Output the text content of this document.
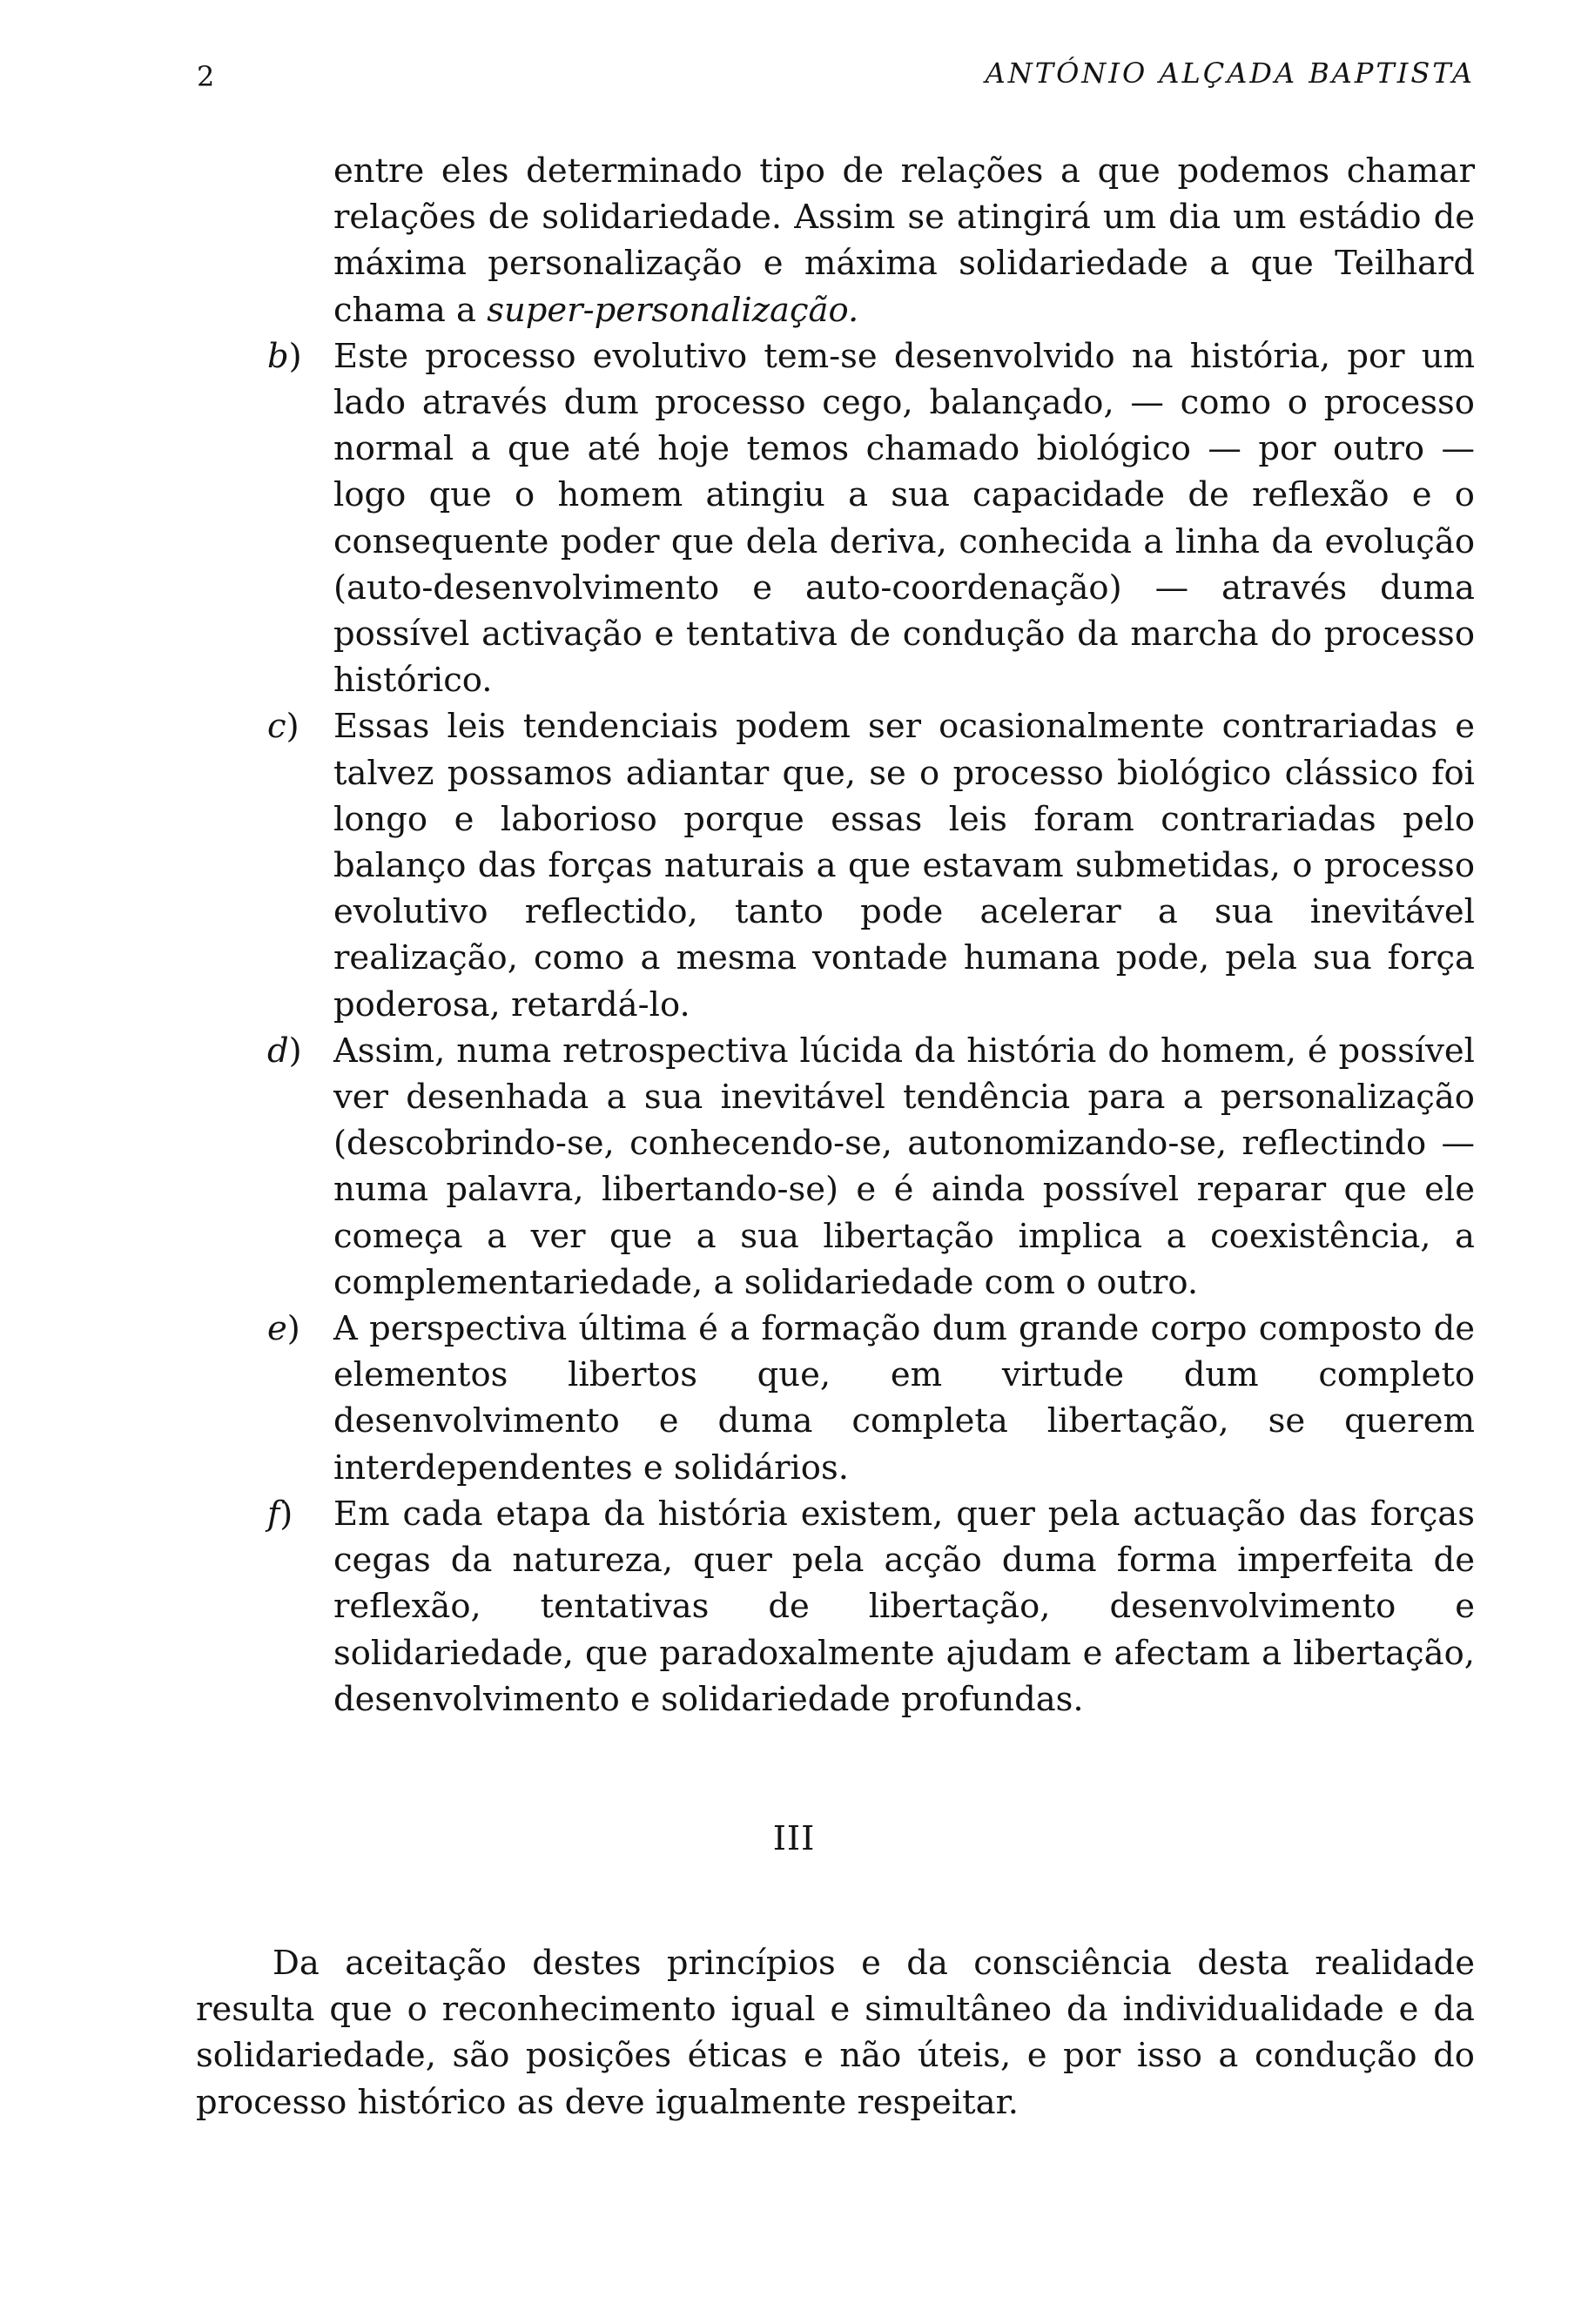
2	ANTÓNIO ALÇADA BAPTISTA

entre eles determinado tipo de relações a que podemos chamar relações de solidariedade. Assim se atingirá um dia um estádio de máxima personalização e máxima solidariedade a que Teilhard chama a super-personalização.

b) Este processo evolutivo tem-se desenvolvido na história, por um lado através dum processo cego, balançado, — como o processo normal a que até hoje temos chamado biológico — por outro — logo que o homem atingiu a sua capacidade de reflexão e o consequente poder que dela deriva, conhecida a linha da evolução (auto-desenvolvimento e auto-coordenação) — através duma possível activação e tentativa de condução da marcha do processo histórico.
c) Essas leis tendenciais podem ser ocasionalmente contrariadas e talvez possamos adiantar que, se o processo biológico clássico foi longo e laborioso porque essas leis foram contrariadas pelo balanço das forças naturais a que estavam submetidas, o processo evolutivo reflectido, tanto pode acelerar a sua inevitável realização, como a mesma vontade humana pode, pela sua força poderosa, retardá-lo.
d) Assim, numa retrospectiva lúcida da história do homem, é possível ver desenhada a sua inevitável tendência para a personalização (descobrindo-se, conhecendo-se, autonomizando-se, reflectindo — numa palavra, libertando-se) e é ainda possível reparar que ele começa a ver que a sua libertação implica a coexistência, a complementariedade, a solidariedade com o outro.
e) A perspectiva última é a formação dum grande corpo composto de elementos libertos que, em virtude dum completo desenvolvimento e duma completa libertação, se querem interdependentes e solidários.
f) Em cada etapa da história existem, quer pela actuação das forças cegas da natureza, quer pela acção duma forma imperfeita de reflexão, tentativas de libertação, desenvolvimento e solidariedade, que paradoxalmente ajudam e afectam a libertação, desenvolvimento e solidariedade profundas.
III

Da aceitação destes princípios e da consciência desta realidade resulta que o reconhecimento igual e simultâneo da individualidade e da solidariedade, são posições éticas e não úteis, e por isso a condução do processo histórico as deve igualmente respeitar.
